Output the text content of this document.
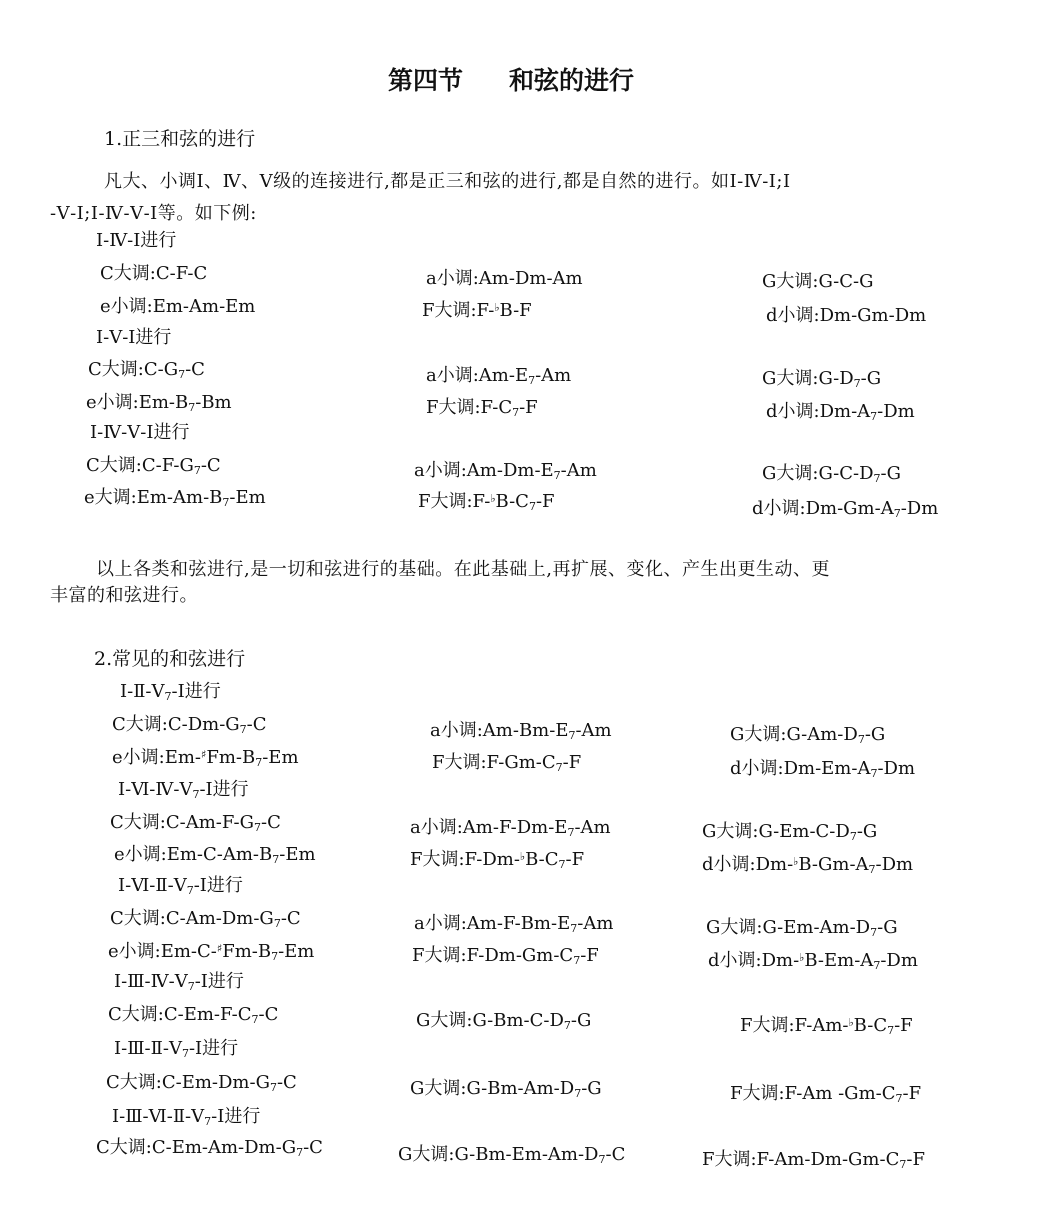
第四节 和弦的进行
1.正三和弦的进行
凡大、小调Ⅰ、Ⅳ、Ⅴ级的连接进行,都是正三和弦的进行,都是自然的进行。如Ⅰ-Ⅳ-Ⅰ;Ⅰ
-Ⅴ-Ⅰ;Ⅰ-Ⅳ-Ⅴ-Ⅰ等。如下例:
Ⅰ-Ⅳ-Ⅰ进行
C大调:C-F-C	a小调:Am-Dm-Am	G大调:G-C-G
e小调:Em-Am-Em	F大调:F-♭B-F	d小调:Dm-Gm-Dm
Ⅰ-Ⅴ-Ⅰ进行
C大调$:C-G_7-C$	a小调$:Am-E_7-Am$	G大调$:G-D_7-G$
e小调$:Em-B_7-Bm$	F大调$:F-C_7-F$	d小调$:Dm-A_7-Dm$
Ⅰ-Ⅳ-Ⅴ-Ⅰ进行
C大调$:C-F-G_7-C$	a小调$:Am-Dm-E_7-Am$	G大调$:G-C-D_7-G$
e大调$:Em-Am-B_7-Em$	F大调$:F-^♭B-C_7-F$	d小调$:Dm-Gm-A_7-Dm$
以上各类和弦进行,是一切和弦进行的基础。在此基础上,再扩展、变化、产生出更生动、更
丰富的和弦进行。
2.常见的和弦进行
$Ⅰ-Ⅱ-Ⅴ_7-Ⅰ$进行
C大调$:C-Dm-G_7-C$	a小调$:Am-Bm-E_7-Am$	G大调$:G-Am-D_7-G$
e小调$:Em-^♯Fm-B_7-Em$	F大调$:F-Gm-C_7-F$	d小调$:Dm-Em-A_7-Dm$
$Ⅰ-Ⅵ-Ⅳ-Ⅴ_7-Ⅰ$进行
C大调$:C-Am-F-G_7-C$	a小调$:Am-F-Dm-E_7-Am$	G大调$:G-Em-C-D_7-G$
e小调$:Em-C-Am-B_7-Em$	F大调$:F-Dm-^♭B-C_7-F$	d小调$:Dm-^♭B-Gm-A_7-Dm$
$Ⅰ-Ⅵ-Ⅱ-Ⅴ_7-Ⅰ$进行
C大调$:C-Am-Dm-G_7-C$	a小调$:Am-F-Bm-E_7-Am$	G大调$:G-Em-Am-D_7-G$
e小调$:Em-C-^♯Fm-B_7-Em$	F大调$:F-Dm-Gm-C_7-F$	d小调$:Dm-^♭B-Em-A_7-Dm$
$Ⅰ-Ⅲ-Ⅳ-Ⅴ_7-Ⅰ$进行
C大调$:C-Em-F-C_7-C$	G大调$:G-Bm-C-D_7-G$	F大调$:F-Am-^♭B-C_7-F$
$Ⅰ-Ⅲ-Ⅱ-Ⅴ_7-Ⅰ$进行
C大调$:C-Em-Dm-G_7-C$	G大调$:G-Bm-Am-D_7-G$	F大调:F-Am $-Gm-C_7-F$
$Ⅰ-Ⅲ-Ⅵ-Ⅱ-Ⅴ_7-Ⅰ$进行
C大调$:C-Em-Am-Dm-G_7-C$	G大调$:G-Bm-Em-Am-D_7-C$	F大调$:F-Am-Dm-Gm-C_7-F$
